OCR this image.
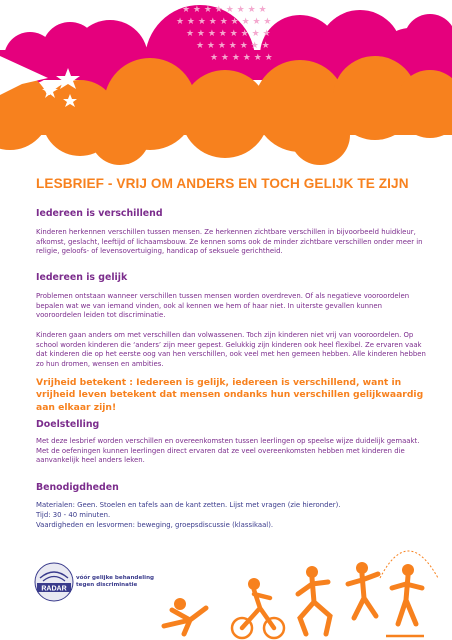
★ ★ ★ ★ ★ ★ ★ ★
★ ★ ★ ★ ★ ★ ★ ★ ★
★ ★ ★ ★ ★ ★ ★ ★
★ ★ ★ ★ ★ ★ ★
★ ★ ★ ★ ★ ★
LESBRIEF - VRIJ OM ANDERS EN TOCH GELIJK TE ZIJN
Iedereen is verschillend

Kinderen herkennen verschillen tussen mensen. Ze herkennen zichtbare verschillen in bijvoorbeeld huidkleur, afkomst, geslacht, leeftijd of lichaamsbouw. Ze kennen soms ook de minder zichtbare verschillen onder meer in religie, geloofs- of levensovertuiging, handicap of seksuele gerichtheid.

Iedereen is gelijk

Problemen ontstaan wanneer verschillen tussen mensen worden overdreven. Of als negatieve vooroordelen bepalen wat we van iemand vinden, ook al kennen we hem of haar niet. In uiterste gevallen kunnen vooroordelen leiden tot discriminatie.

Kinderen gaan anders om met verschillen dan volwassenen. Toch zijn kinderen niet vrij van vooroordelen. Op school worden kinderen die ‘anders’ zijn meer gepest. Gelukkig zijn kinderen ook heel flexibel. Ze ervaren vaak dat kinderen die op het eerste oog van hen verschillen, ook veel met hen gemeen hebben. Alle kinderen hebben zo hun dromen, wensen en ambities.

Vrijheid betekent : Iedereen is gelijk, iedereen is verschillend, want in vrijheid leven betekent dat mensen ondanks hun verschillen gelijkwaardig aan elkaar zijn!

Doelstelling

Met deze lesbrief worden verschillen en overeenkomsten tussen leerlingen op speelse wijze duidelijk gemaakt. Met de oefeningen kunnen leerlingen direct ervaren dat ze veel overeenkomsten hebben met kinderen die aanvankelijk heel anders leken.

Benodigdheden

Materialen: Geen. Stoelen en tafels aan de kant zetten. Lijst met vragen (zie hieronder).

Tijd: 30 - 40 minuten.

Vaardigheden en lesvormen: beweging, groepsdiscussie (klassikaal).

RADAR

vóór gelijke behandeling
tegen discriminatie
